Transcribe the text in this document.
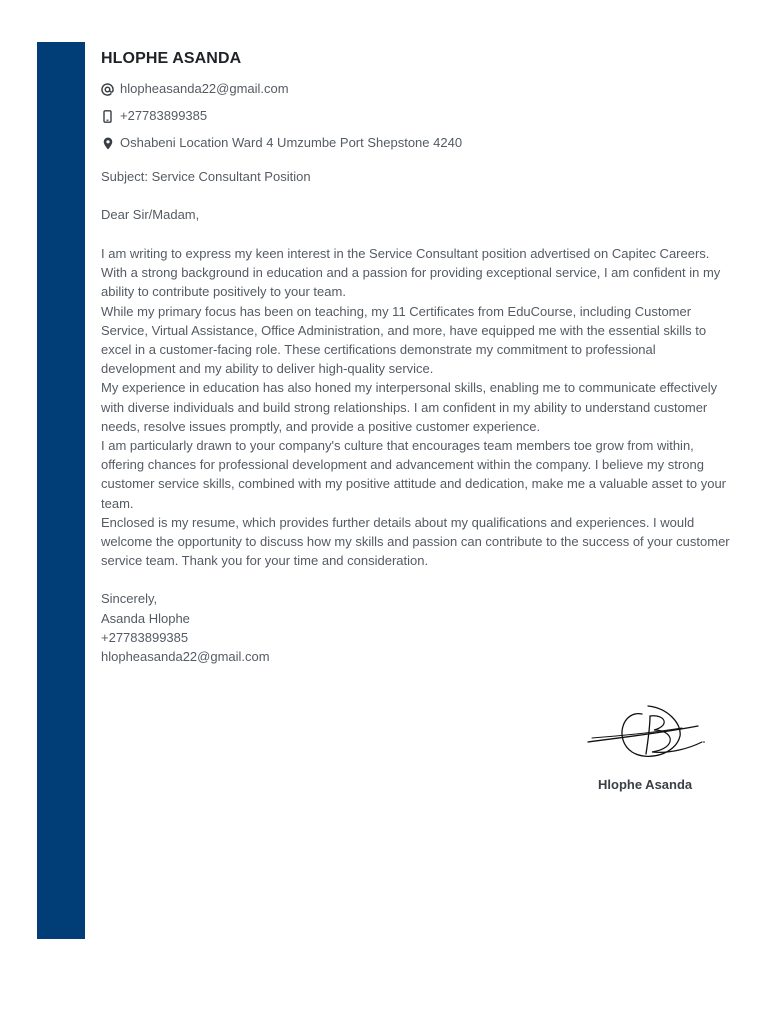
HLOPHE ASANDA
hlopheasanda22@gmail.com
+27783899385
Oshabeni Location Ward 4 Umzumbe Port Shepstone 4240
Subject: Service Consultant Position
Dear Sir/Madam,

I am writing to express my keen interest in the Service Consultant position advertised on Capitec Careers. With a strong background in education and a passion for providing exceptional service, I am confident in my ability to contribute positively to your team.

While my primary focus has been on teaching, my 11 Certificates from EduCourse, including Customer Service, Virtual Assistance, Office Administration, and more, have equipped me with the essential skills to excel in a customer-facing role. These certifications demonstrate my commitment to professional development and my ability to deliver high-quality service.

My experience in education has also honed my interpersonal skills, enabling me to communicate effectively with diverse individuals and build strong relationships. I am confident in my ability to understand customer needs, resolve issues promptly, and provide a positive customer experience.

I am particularly drawn to your company's culture that encourages team members toe grow from within, offering chances for professional development and advancement within the company. I believe my strong customer service skills, combined with my positive attitude and dedication, make me a valuable asset to your team.

Enclosed is my resume, which provides further details about my qualifications and experiences. I would welcome the opportunity to discuss how my skills and passion can contribute to the success of your customer service team. Thank you for your time and consideration.

Sincerely,
Asanda Hlophe
+27783899385
hlopheasanda22@gmail.com
Hlophe Asanda
